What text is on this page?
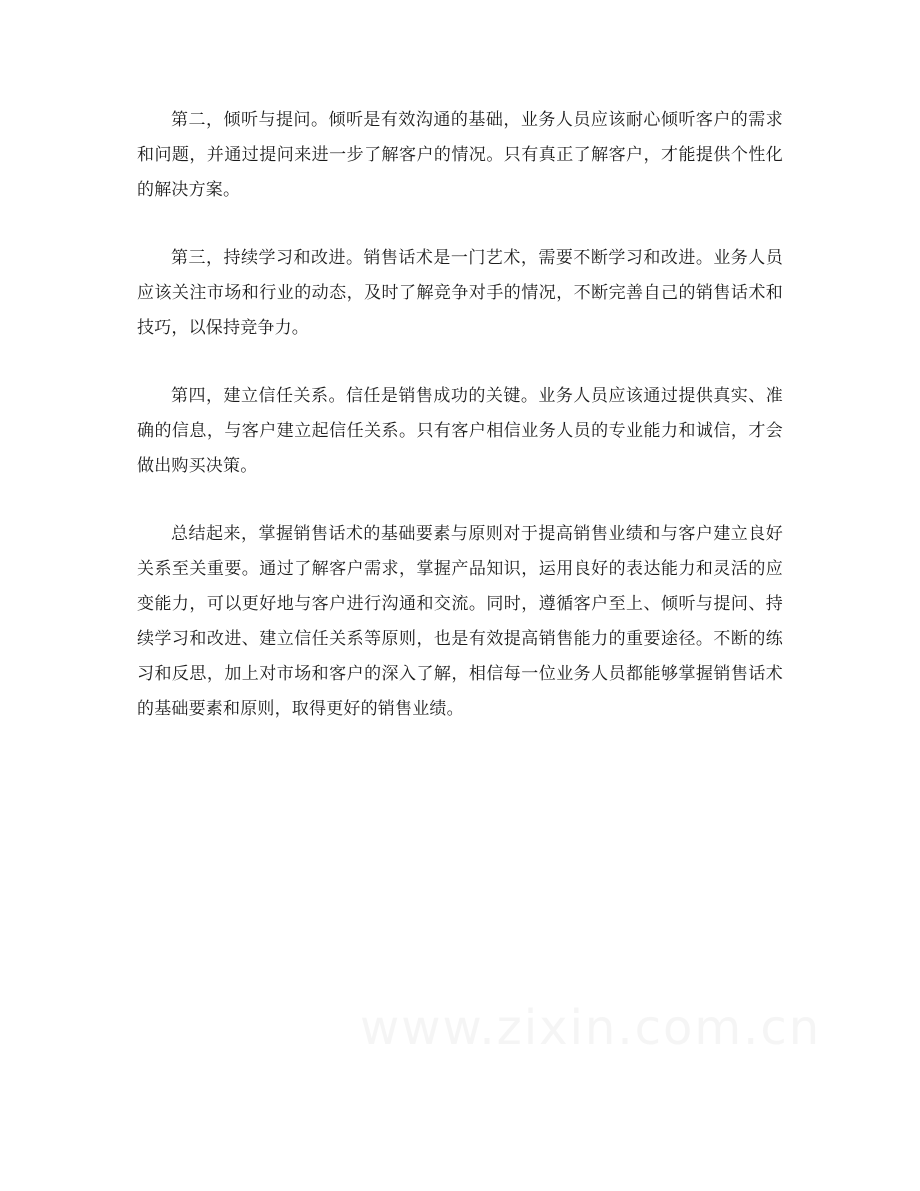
第二，倾听与提问。倾听是有效沟通的基础，业务人员应该耐心倾听客户的需求和问题，并通过提问来进一步了解客户的情况。只有真正了解客户，才能提供个性化的解决方案。

第三，持续学习和改进。销售话术是一门艺术，需要不断学习和改进。业务人员应该关注市场和行业的动态，及时了解竞争对手的情况，不断完善自己的销售话术和技巧，以保持竞争力。

第四，建立信任关系。信任是销售成功的关键。业务人员应该通过提供真实、准确的信息，与客户建立起信任关系。只有客户相信业务人员的专业能力和诚信，才会做出购买决策。

总结起来，掌握销售话术的基础要素与原则对于提高销售业绩和与客户建立良好关系至关重要。通过了解客户需求，掌握产品知识，运用良好的表达能力和灵活的应变能力，可以更好地与客户进行沟通和交流。同时，遵循客户至上、倾听与提问、持续学习和改进、建立信任关系等原则，也是有效提高销售能力的重要途径。不断的练习和反思，加上对市场和客户的深入了解，相信每一位业务人员都能够掌握销售话术的基础要素和原则，取得更好的销售业绩。

www.zixin.com.cn
